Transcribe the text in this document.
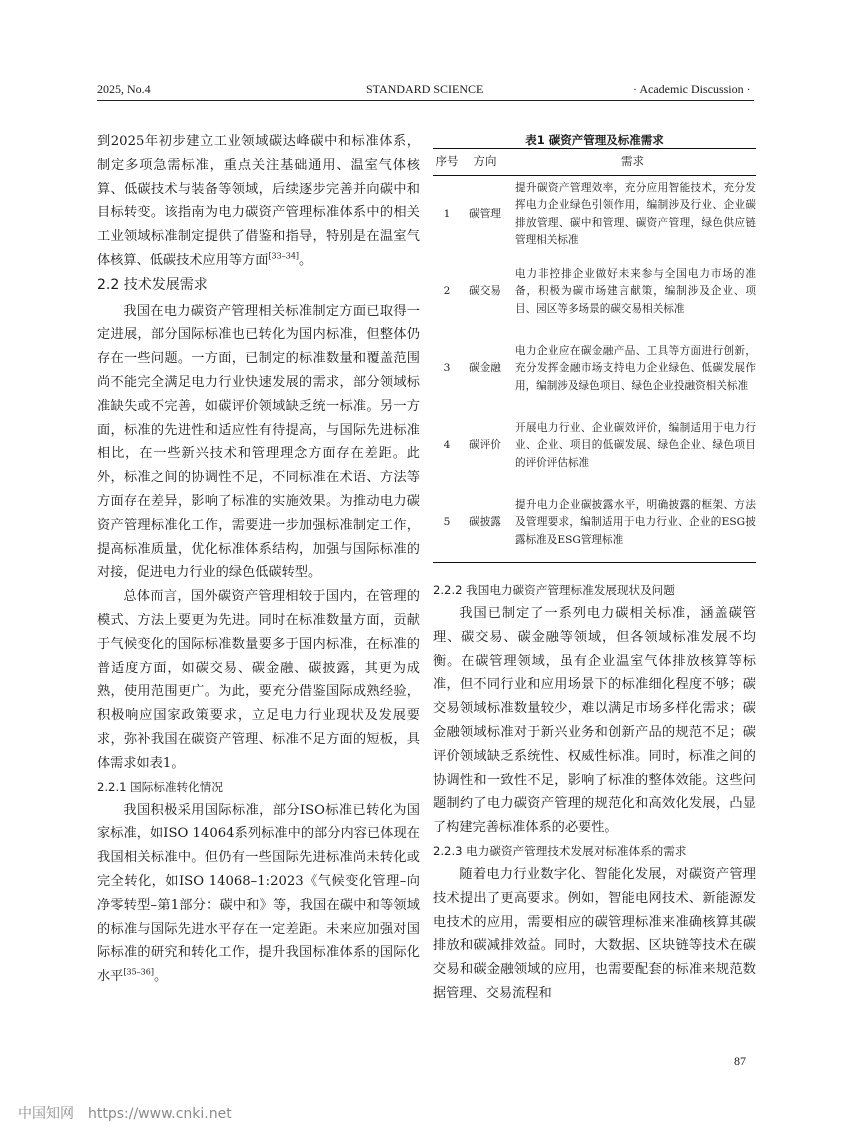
2025, No.4	STANDARD SCIENCE	· Academic Discussion ·

到2025年初步建立工业领域碳达峰碳中和标准体系，制定多项急需标准，重点关注基础通用、温室气体核算、低碳技术与装备等领域，后续逐步完善并向碳中和目标转变。该指南为电力碳资产管理标准体系中的相关工业领域标准制定提供了借鉴和指导，特别是在温室气体核算、低碳技术应用等方面[33–34]。

2.2 技术发展需求

我国在电力碳资产管理相关标准制定方面已取得一定进展，部分国际标准也已转化为国内标准，但整体仍存在一些问题。一方面，已制定的标准数量和覆盖范围尚不能完全满足电力行业快速发展的需求，部分领域标准缺失或不完善，如碳评价领域缺乏统一标准。另一方面，标准的先进性和适应性有待提高，与国际先进标准相比，在一些新兴技术和管理理念方面存在差距。此外，标准之间的协调性不足，不同标准在术语、方法等方面存在差异，影响了标准的实施效果。为推动电力碳资产管理标准化工作，需要进一步加强标准制定工作，提高标准质量，优化标准体系结构，加强与国际标准的对接，促进电力行业的绿色低碳转型。

总体而言，国外碳资产管理相较于国内，在管理的模式、方法上要更为先进。同时在标准数量方面，贡献于气候变化的国际标准数量要多于国内标准，在标准的普适度方面，如碳交易、碳金融、碳披露，其更为成熟，使用范围更广。为此，要充分借鉴国际成熟经验，积极响应国家政策要求，立足电力行业现状及发展要求，弥补我国在碳资产管理、标准不足方面的短板，具体需求如表1。

2.2.1 国际标准转化情况

我国积极采用国际标准，部分ISO标准已转化为国家标准，如ISO 14064系列标准中的部分内容已体现在我国相关标准中。但仍有一些国际先进标准尚未转化或完全转化，如ISO 14068–1:2023《气候变化管理–向净零转型–第1部分：碳中和》等，我国在碳中和等领域的标准与国际先进水平存在一定差距。未来应加强对国际标准的研究和转化工作，提升我国标准体系的国际化水平[35–36]。

表1 碳资产管理及标准需求
序号	方向	需求
1	碳管理	提升碳资产管理效率，充分应用智能技术，充分发挥电力企业绿色引领作用，编制涉及行业、企业碳排放管理、碳中和管理、碳资产管理，绿色供应链管理相关标准
2	碳交易	电力非控排企业做好未来参与全国电力市场的准备，积极为碳市场建言献策，编制涉及企业、项目、园区等多场景的碳交易相关标准
3	碳金融	电力企业应在碳金融产品、工具等方面进行创新，充分发挥金融市场支持电力企业绿色、低碳发展作用，编制涉及绿色项目、绿色企业投融资相关标准
4	碳评价	开展电力行业、企业碳效评价，编制适用于电力行业、企业、项目的低碳发展、绿色企业、绿色项目的评价评估标准
5	碳披露	提升电力企业碳披露水平，明确披露的框架、方法及管理要求，编制适用于电力行业、企业的ESG披露标准及ESG管理标准
2.2.2 我国电力碳资产管理标准发展现状及问题

我国已制定了一系列电力碳相关标准，涵盖碳管理、碳交易、碳金融等领域，但各领域标准发展不均衡。在碳管理领域，虽有企业温室气体排放核算等标准，但不同行业和应用场景下的标准细化程度不够；碳交易领域标准数量较少，难以满足市场多样化需求；碳金融领域标准对于新兴业务和创新产品的规范不足；碳评价领域缺乏系统性、权威性标准。同时，标准之间的协调性和一致性不足，影响了标准的整体效能。这些问题制约了电力碳资产管理的规范化和高效化发展，凸显了构建完善标准体系的必要性。

2.2.3 电力碳资产管理技术发展对标准体系的需求

随着电力行业数字化、智能化发展，对碳资产管理技术提出了更高要求。例如，智能电网技术、新能源发电技术的应用，需要相应的碳管理标准来准确核算其碳排放和碳减排效益。同时，大数据、区块链等技术在碳交易和碳金融领域的应用，也需要配套的标准来规范数据管理、交易流程和

87
中国知网 https://www.cnki.net
